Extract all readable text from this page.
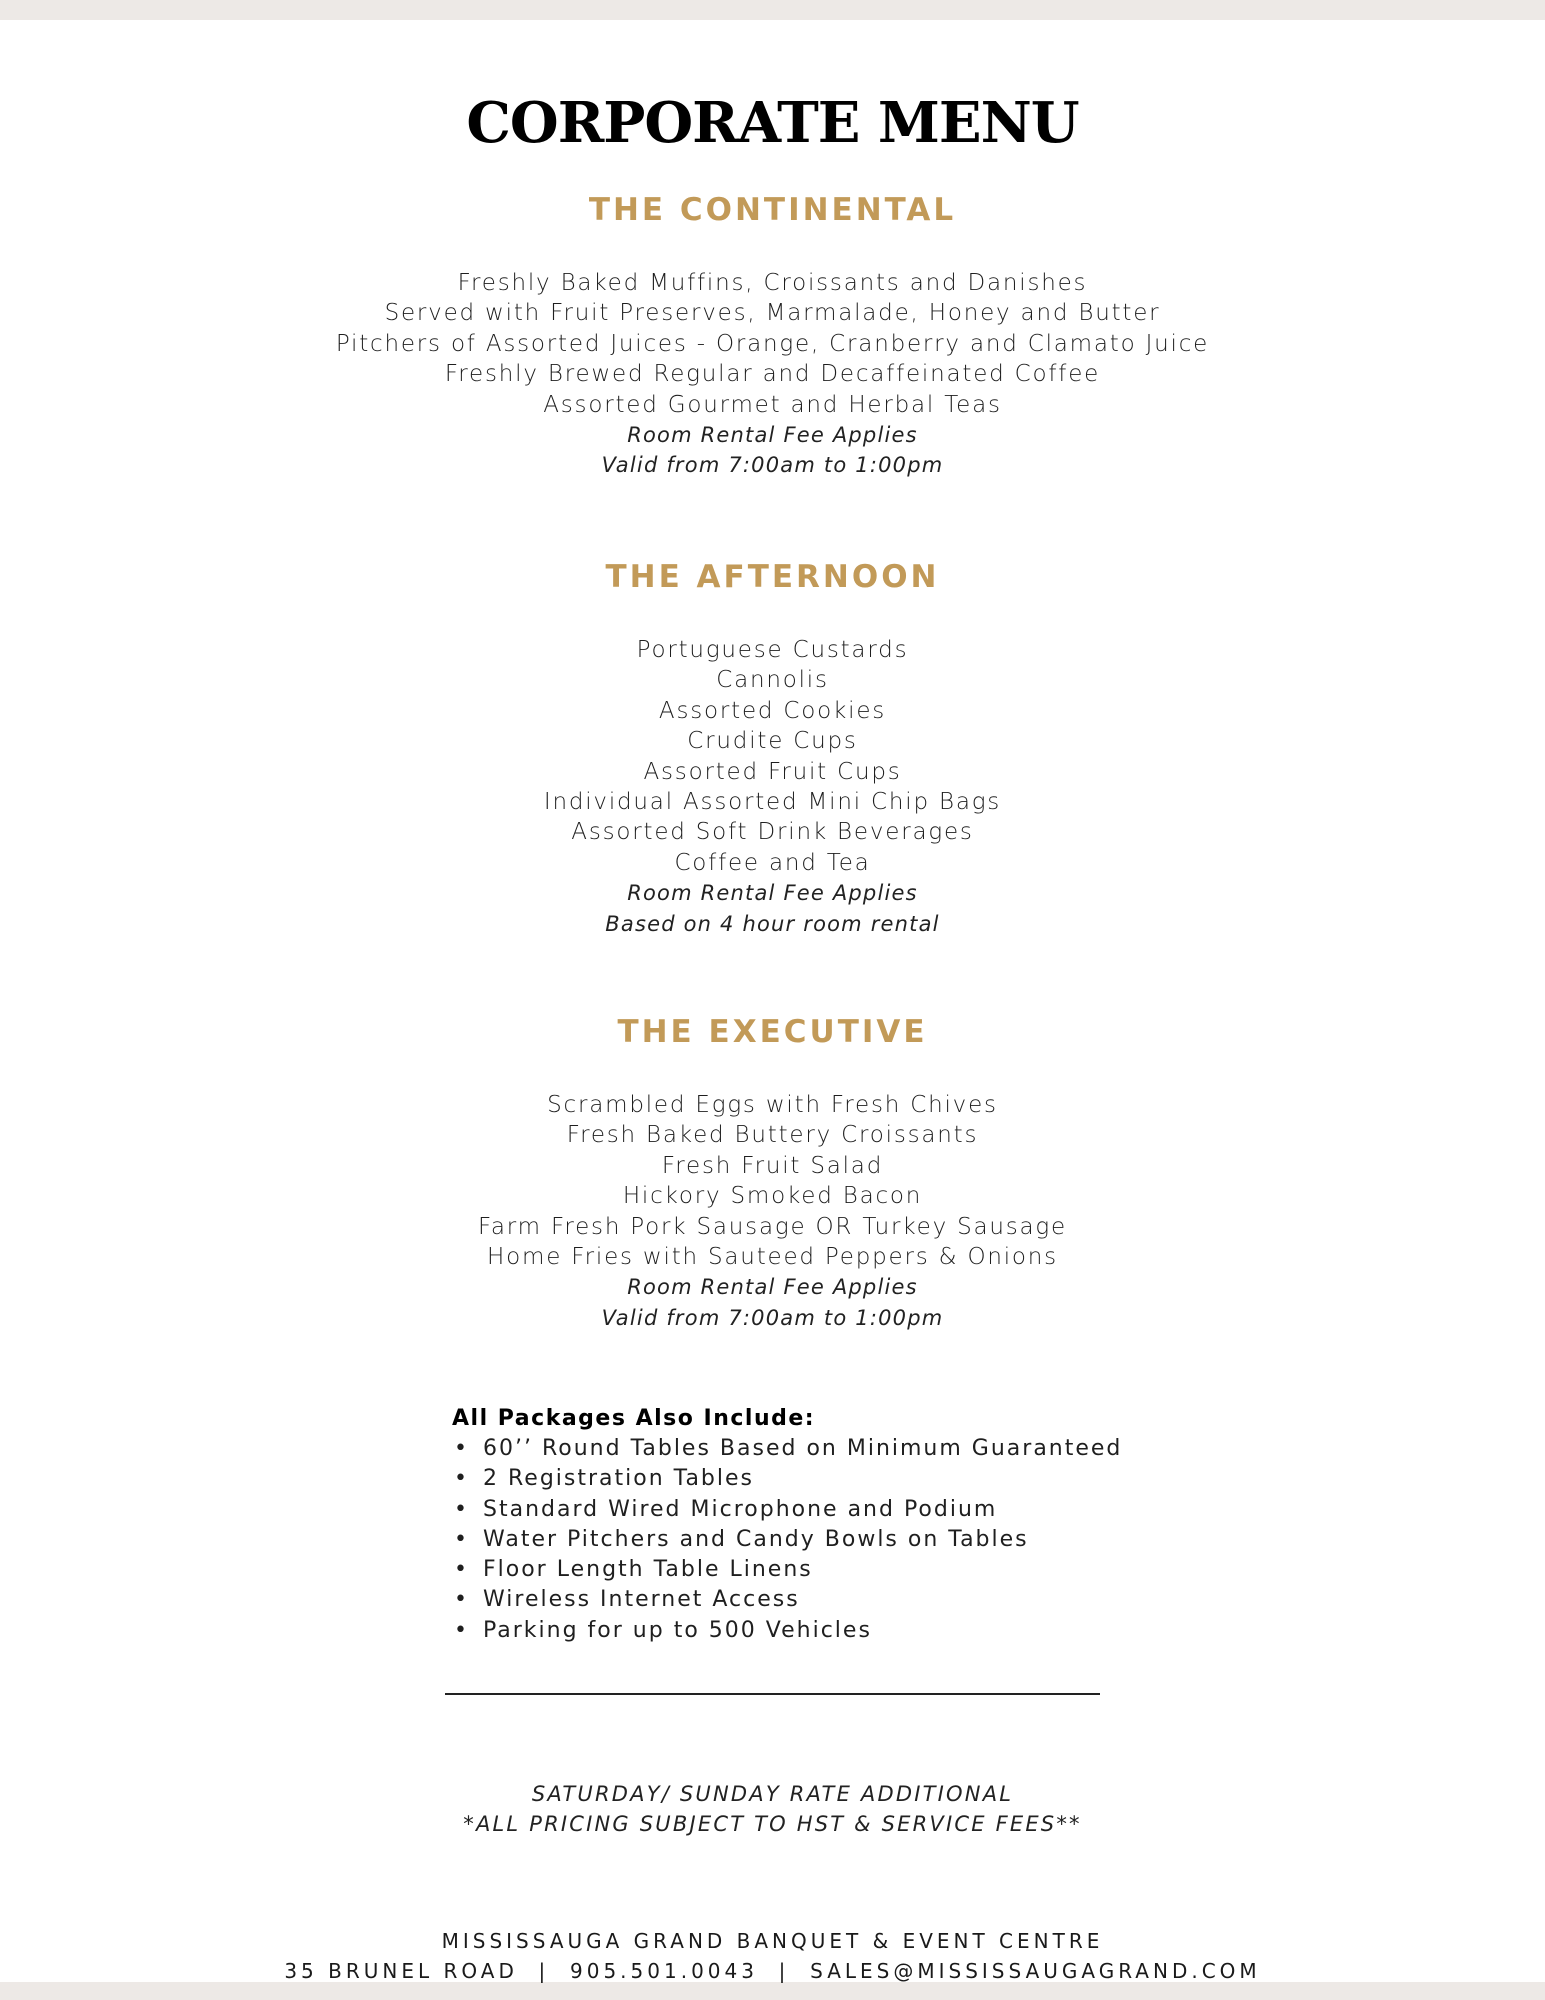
CORPORATE MENU
THE CONTINENTAL
Freshly Baked Muffins, Croissants and Danishes
Served with Fruit Preserves, Marmalade, Honey and Butter
Pitchers of Assorted Juices - Orange, Cranberry and Clamato Juice
Freshly Brewed Regular and Decaffeinated Coffee
Assorted Gourmet and Herbal Teas
Room Rental Fee Applies
Valid from 7:00am to 1:00pm
THE AFTERNOON
Portuguese Custards
Cannolis
Assorted Cookies
Crudite Cups
Assorted Fruit Cups
Individual Assorted Mini Chip Bags
Assorted Soft Drink Beverages
Coffee and Tea
Room Rental Fee Applies
Based on 4 hour room rental
THE EXECUTIVE
Scrambled Eggs with Fresh Chives
Fresh Baked Buttery Croissants
Fresh Fruit Salad
Hickory Smoked Bacon
Farm Fresh Pork Sausage OR Turkey Sausage
Home Fries with Sauteed Peppers & Onions
Room Rental Fee Applies
Valid from 7:00am to 1:00pm
All Packages Also Include:
• 60’’ Round Tables Based on Minimum Guaranteed
• 2 Registration Tables
• Standard Wired Microphone and Podium
• Water Pitchers and Candy Bowls on Tables
• Floor Length Table Linens
• Wireless Internet Access
• Parking for up to 500 Vehicles
SATURDAY/ SUNDAY RATE ADDITIONAL
*ALL PRICING SUBJECT TO HST & SERVICE FEES**
MISSISSAUGA GRAND BANQUET & EVENT CENTRE
35 BRUNEL ROAD  |  905.501.0043  |  SALES@MISSISSAUGAGRAND.COM
